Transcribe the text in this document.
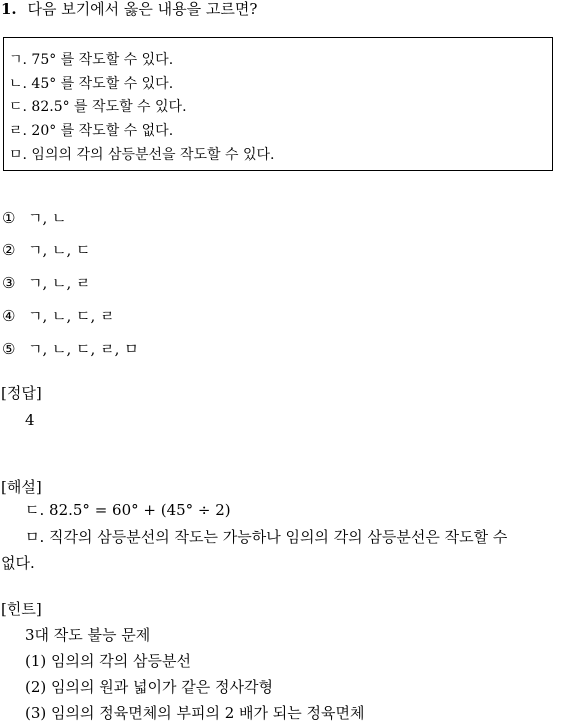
1. 다음 보기에서 옳은 내용을 고르면?
ㄱ. 75° 를 작도할 수 있다.
ㄴ. 45° 를 작도할 수 있다.
ㄷ. 82.5° 를 작도할 수 있다.
ㄹ. 20° 를 작도할 수 없다.
ㅁ. 임의의 각의 삼등분선을 작도할 수 있다.
① ㄱ, ㄴ
② ㄱ, ㄴ, ㄷ
③ ㄱ, ㄴ, ㄹ
④ ㄱ, ㄴ, ㄷ, ㄹ
⑤ ㄱ, ㄴ, ㄷ, ㄹ, ㅁ
[정답]
4
[해설]
ㄷ. 82.5° = 60° + (45° ÷ 2)
ㅁ. 직각의 삼등분선의 작도는 가능하나 임의의 각의 삼등분선은 작도할 수
없다.
[힌트]
3대 작도 불능 문제
(1) 임의의 각의 삼등분선
(2) 임의의 원과 넓이가 같은 정사각형
(3) 임의의 정육면체의 부피의 2 배가 되는 정육면체
